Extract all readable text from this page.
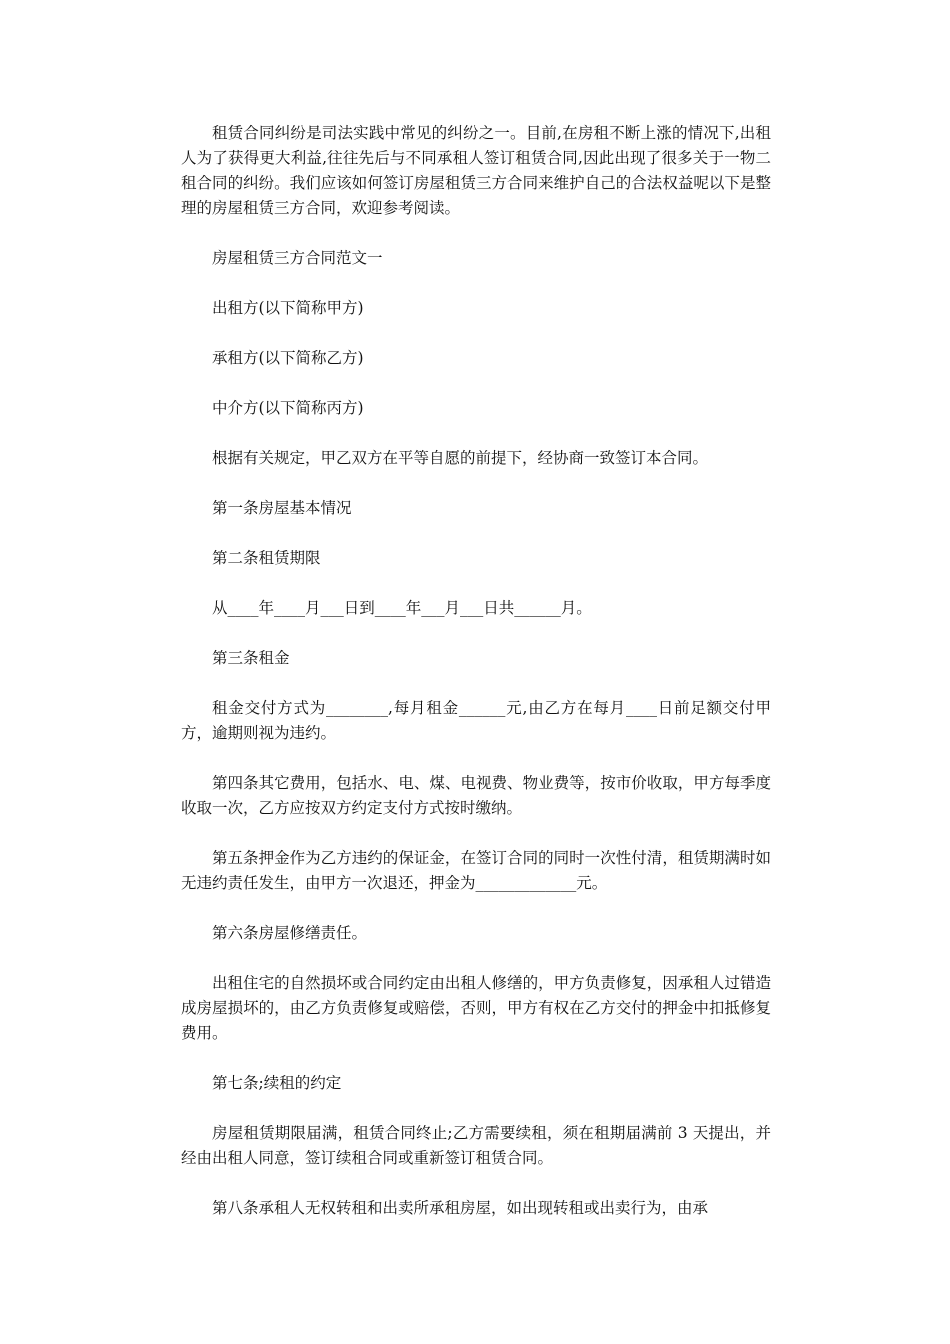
租赁合同纠纷是司法实践中常见的纠纷之一。目前,在房租不断上涨的情况下,出租人为了获得更大利益,往往先后与不同承租人签订租赁合同,因此出现了很多关于一物二租合同的纠纷。我们应该如何签订房屋租赁三方合同来维护自己的合法权益呢以下是整理的房屋租赁三方合同，欢迎参考阅读。

房屋租赁三方合同范文一

出租方(以下简称甲方)

承租方(以下简称乙方)

中介方(以下简称丙方)

根据有关规定，甲乙双方在平等自愿的前提下，经协商一致签订本合同。

第一条房屋基本情况

第二条租赁期限

从____年____月___日到____年___月___日共______月。

第三条租金

租金交付方式为________,每月租金______元,由乙方在每月____日前足额交付甲方，逾期则视为违约。

第四条其它费用，包括水、电、煤、电视费、物业费等，按市价收取，甲方每季度收取一次，乙方应按双方约定支付方式按时缴纳。

第五条押金作为乙方违约的保证金，在签订合同的同时一次性付清，租赁期满时如无违约责任发生，由甲方一次退还，押金为_____________元。

第六条房屋修缮责任。

出租住宅的自然损坏或合同约定由出租人修缮的，甲方负责修复，因承租人过错造成房屋损坏的，由乙方负责修复或赔偿，否则，甲方有权在乙方交付的押金中扣抵修复费用。

第七条;续租的约定

房屋租赁期限届满，租赁合同终止;乙方需要续租，须在租期届满前 3 天提出，并经由出租人同意，签订续租合同或重新签订租赁合同。

第八条承租人无权转租和出卖所承租房屋，如出现转租或出卖行为，由承
